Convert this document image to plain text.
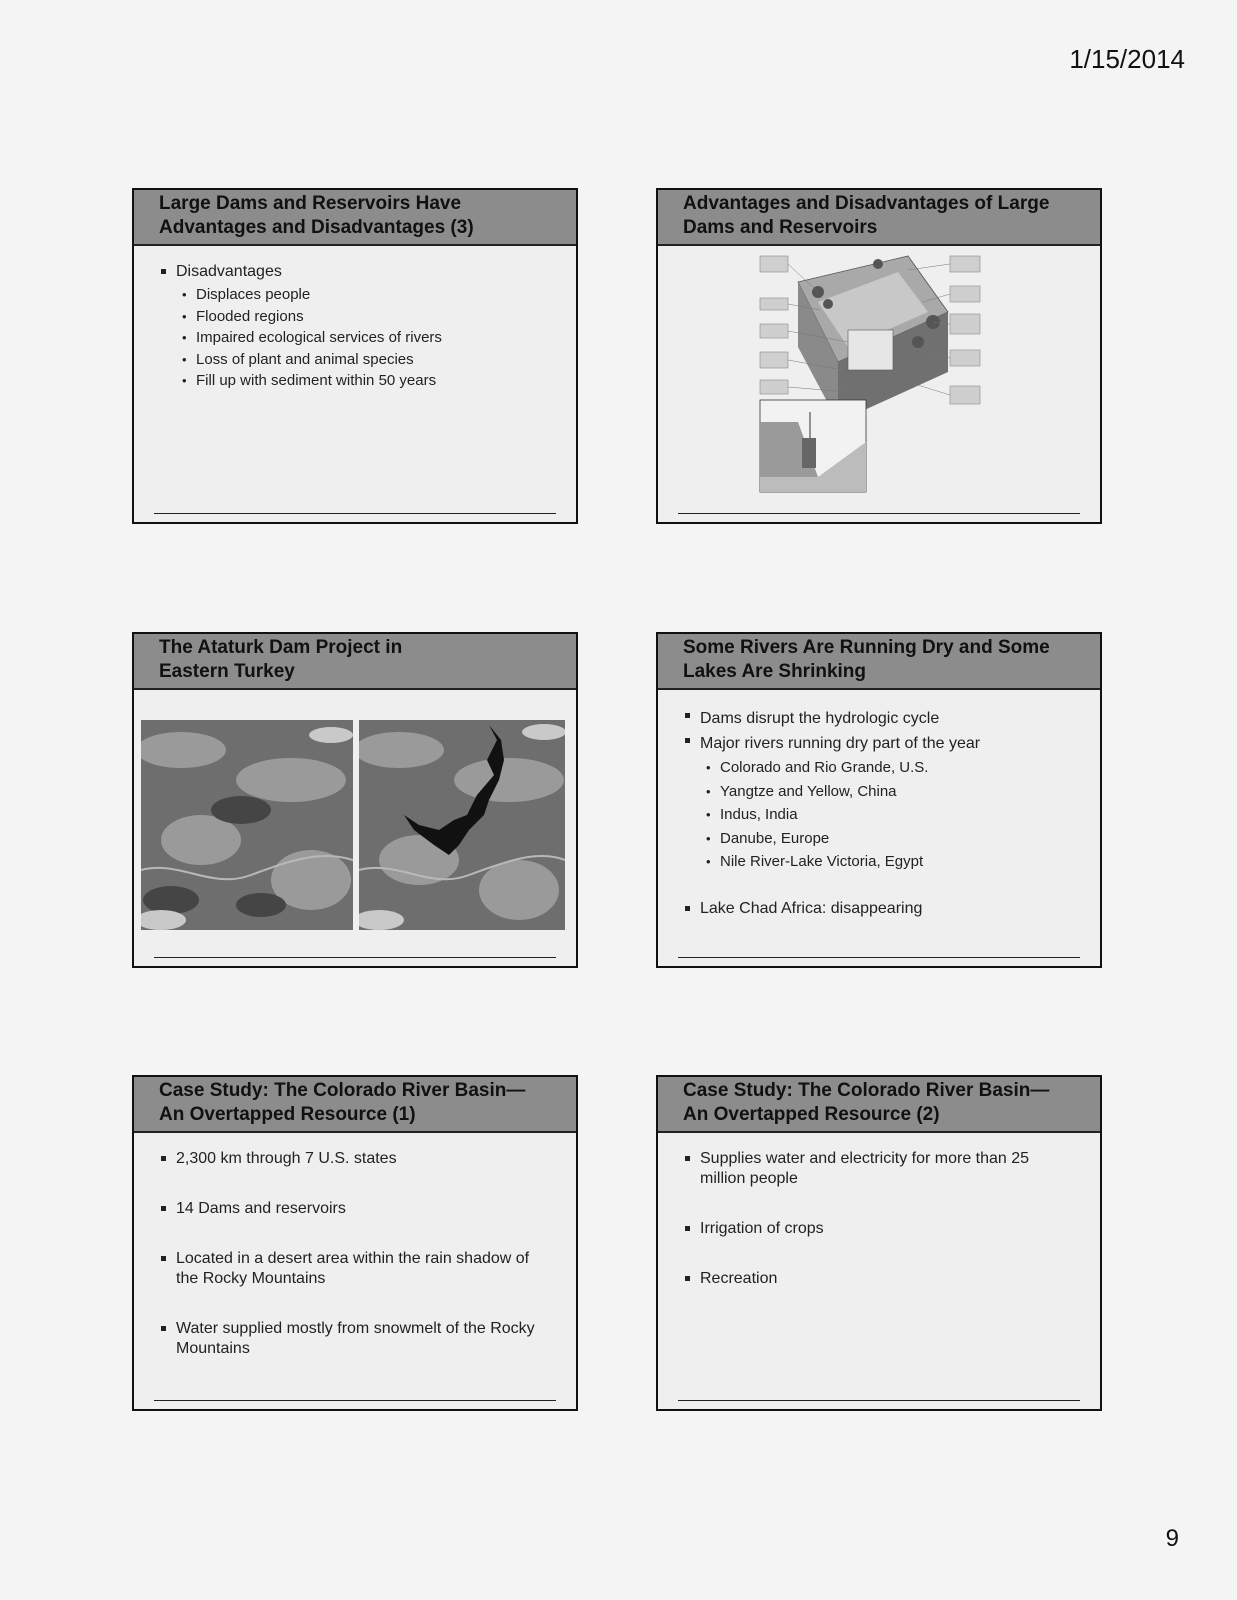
1/15/2014
Large Dams and Reservoirs Have
Advantages and Disadvantages (3)
Disadvantages
• Displaces people
• Flooded regions
• Impaired ecological services of rivers
• Loss of plant and animal species
• Fill up with sediment within 50 years
Advantages and Disadvantages of Large
Dams and Reservoirs
The Ataturk Dam Project in
Eastern Turkey
Some Rivers Are Running Dry and Some
Lakes Are Shrinking
Dams disrupt the hydrologic cycle
Major rivers running dry part of the year
• Colorado and Rio Grande, U.S.
• Yangtze and Yellow, China
• Indus, India
• Danube, Europe
• Nile River-Lake Victoria, Egypt
Lake Chad Africa: disappearing
Case Study: The Colorado River Basin—
An Overtapped Resource (1)
2,300 km through 7 U.S. states
14 Dams and reservoirs
Located in a desert area within the rain shadow of the Rocky Mountains
Water supplied mostly from snowmelt of the Rocky Mountains
Case Study: The Colorado River Basin—
An Overtapped Resource (2)
Supplies water and electricity for more than 25 million people
Irrigation of crops
Recreation
9
